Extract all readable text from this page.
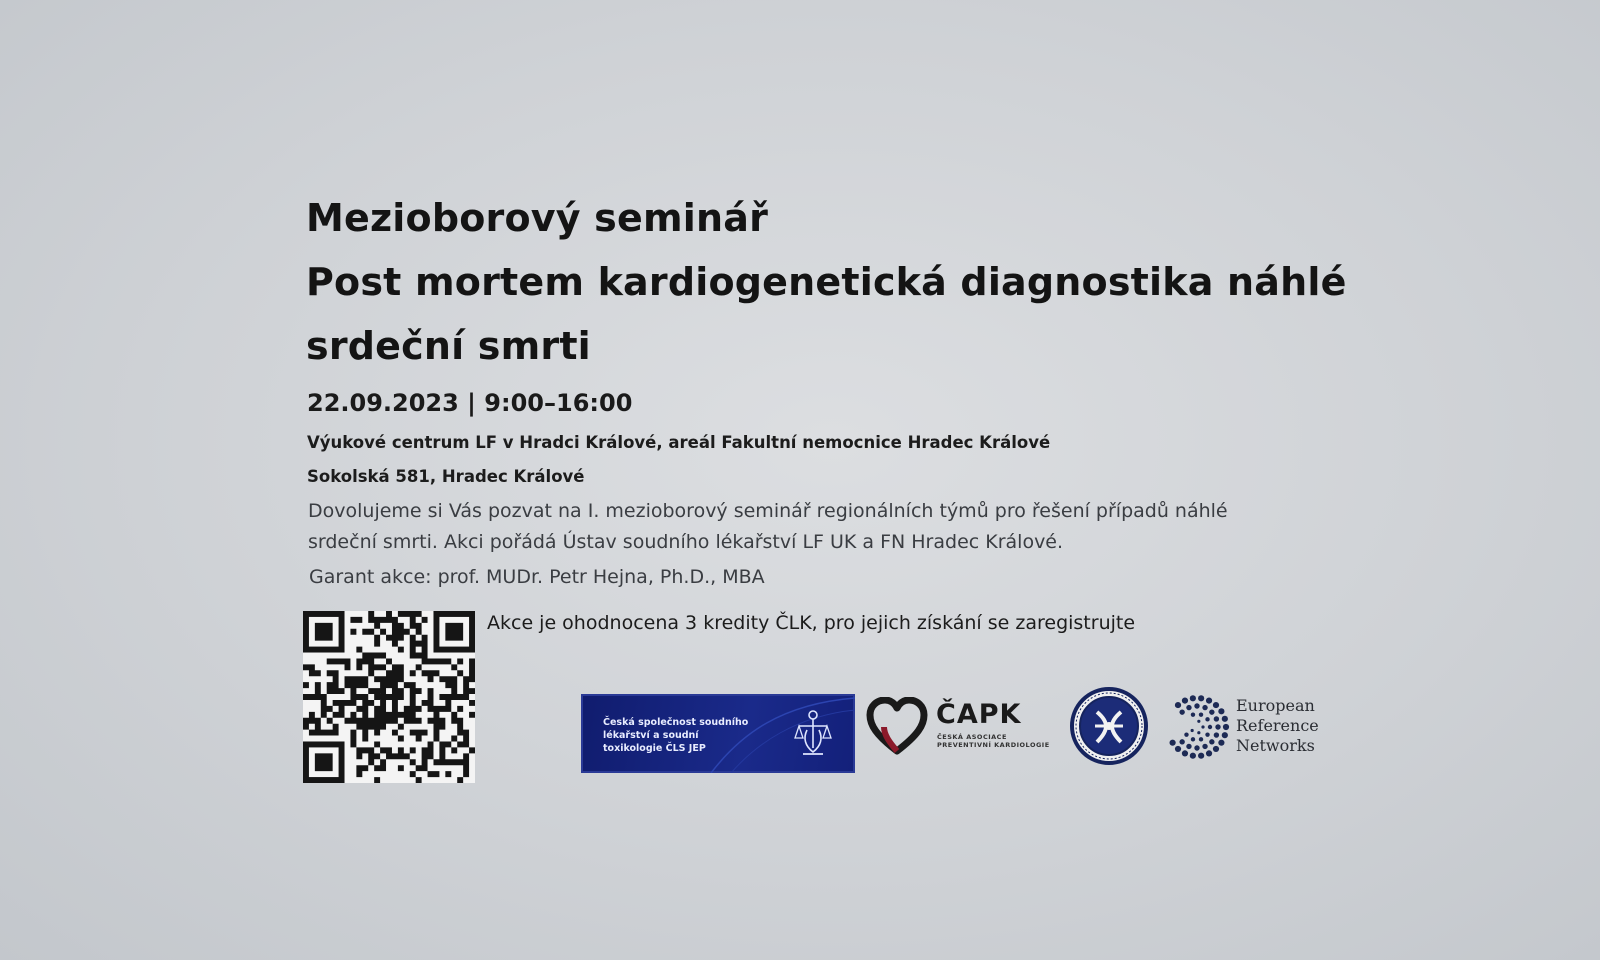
Mezioborový seminář
Post mortem kardiogenetická diagnostika náhlé
srdeční smrti
22.09.2023 | 9:00–16:00
Výukové centrum LF v Hradci Králové, areál Fakultní nemocnice Hradec Králové
Sokolská 581, Hradec Králové
Dovolujeme si Vás pozvat na I. mezioborový seminář regionálních týmů pro řešení případů náhlé
srdeční smrti. Akci pořádá Ústav soudního lékařství LF UK a FN Hradec Králové.
Garant akce: prof. MUDr. Petr Hejna, Ph.D., MBA
Akce je ohodnocena 3 kredity ČLK, pro jejich získání se zaregistrujte
Česká společnost soudního
lékařství a soudní
toxikologie ČLS JEP
ČAPK
ČESKÁ ASOCIACE
PREVENTIVNÍ KARDIOLOGIE
European
Reference
Networks
